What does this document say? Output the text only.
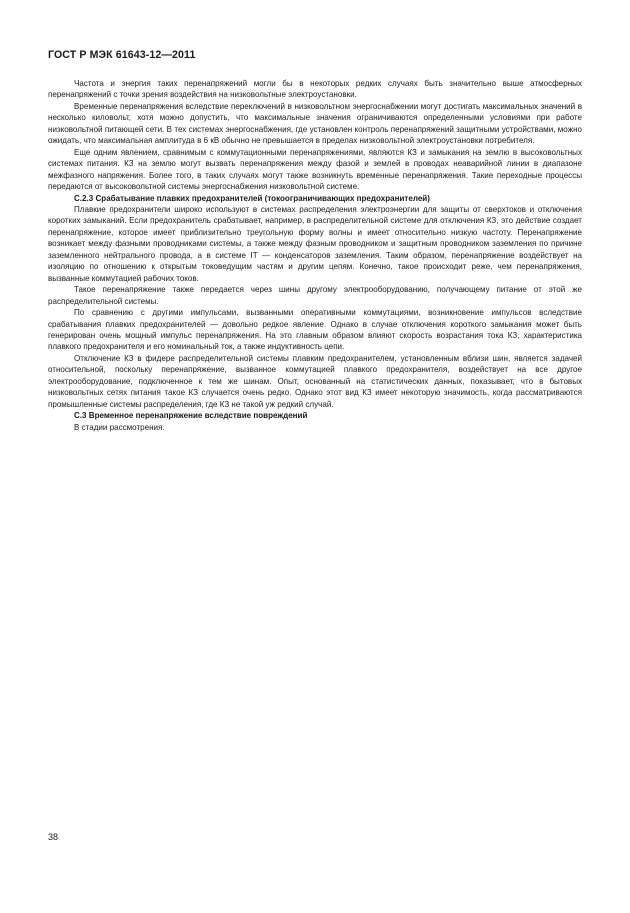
ГОСТ Р МЭК 61643-12—2011

Частота и энергия таких перенапряжений могли бы в некоторых редких случаях быть значительно выше атмосферных перенапряжений с точки зрения воздействия на низковольтные электроустановки.

Временные перенапряжения вследствие переключений в низковольтном энергоснабжении могут достигать максимальных значений в несколько киловольт, хотя можно допустить, что максимальные значения ограничиваются определенными условиями при работе низковольтной питающей сети. В тех системах энергоснабжения, где установлен контроль перенапряжений защитными устройствами, можно ожидать, что максимальная амплитуда в 6 кВ обычно не превышается в пределах низковольтной электроустановки потребителя.

Еще одним явлением, сравнимым с коммутационными перенапряжениями, являются КЗ и замыкания на землю в высоковольтных системах питания. КЗ на землю могут вызвать перенапряжения между фазой и землей в проводах неаварийной линии в диапазоне межфазного напряжения. Более того, в таких случаях могут также возникнуть временные перенапряжения. Такие переходные процессы передаются от высоковольтной системы энергоснабжения низковольтной системе.

С.2.3 Срабатывание плавких предохранителей (токоограничивающих предохранителей)

Плавкие предохранители широко используют в системах распределения электроэнергии для защиты от сверхтоков и отключения коротких замыканий. Если предохранитель срабатывает, например, в распределительной системе для отключения КЗ, это действие создает перенапряжение, которое имеет приблизительно треугольную форму волны и имеет относительно низкую частоту. Перенапряжение возникает между фазными проводниками системы, а также между фазным проводником и защитным проводником заземления по причине заземленного нейтрального провода, а в системе IT — конденсаторов заземления. Таким образом, перенапряжение воздействует на изоляцию по отношению к открытым токоведущим частям и другим цепям. Конечно, такое происходит реже, чем перенапряжения, вызванные коммутацией рабочих токов.

Такое перенапряжение также передается через шины другому электрооборудованию, получающему питание от этой же распределительной системы.

По сравнению с другими импульсами, вызванными оперативными коммутациями, возникновение импульсов вследствие срабатывания плавких предохранителей — довольно редкое явление. Однако в случае отключения короткого замыкания может быть генерирован очень мощный импульс перенапряжения. На это главным образом влияют скорость возрастания тока КЗ, характеристика плавкого предохранителя и его номинальный ток, а также индуктивность цепи.

Отключение КЗ в фидере распределительной системы плавким предохранителем, установленным вблизи шин, является задачей относительной, поскольку перенапряжение, вызванное коммутацией плавкого предохранителя, воздействует на все другое электрооборудование, подключенное к тем же шинам. Опыт, основанный на статистических данных, показывает, что в бытовых низковольтных сетях питания такое КЗ случается очень редко. Однако этот вид КЗ имеет некоторую значимость, когда рассматриваются промышленные системы распределения, где КЗ не такой уж редкий случай.

С.3 Временное перенапряжение вследствие повреждений

В стадии рассмотрения.

38
